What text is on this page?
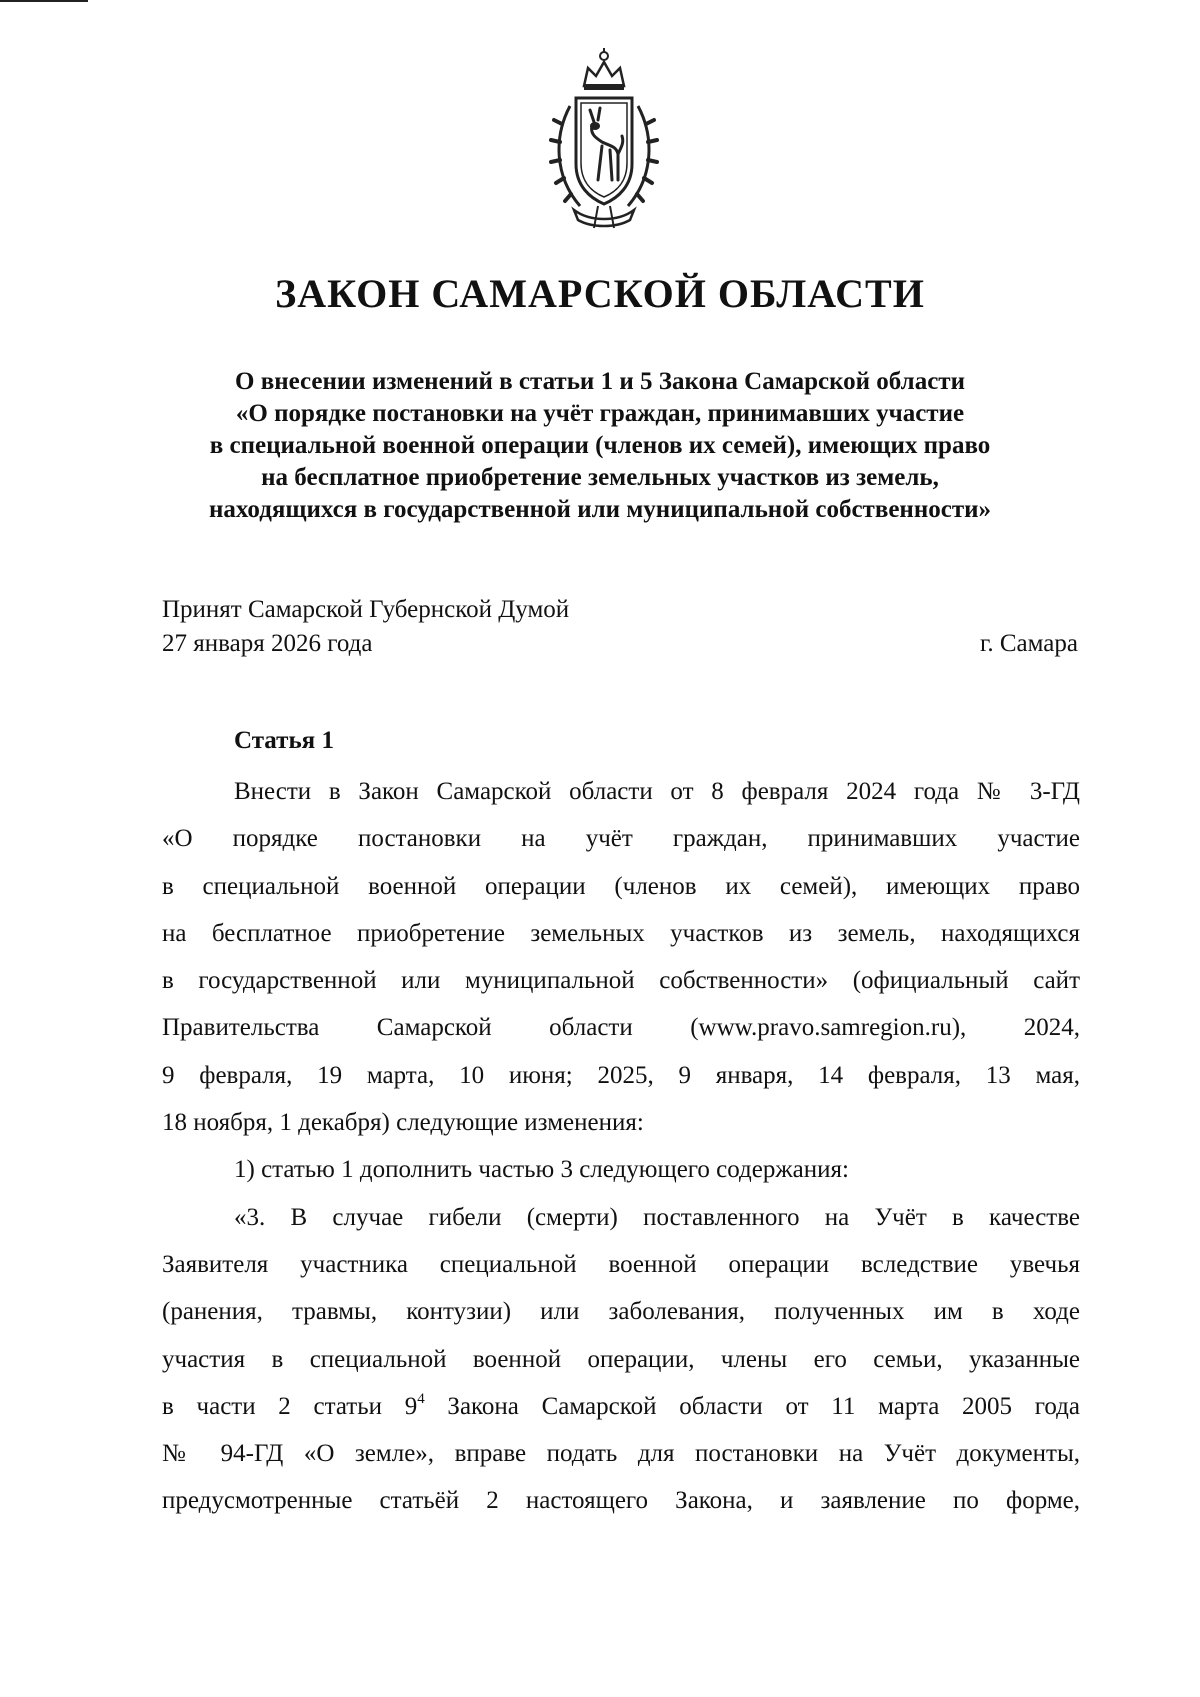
ЗАКОН САМАРСКОЙ ОБЛАСТИ
О внесении изменений в статьи 1 и 5 Закона Самарской области
«О порядке постановки на учёт граждан, принимавших участие
в специальной военной операции (членов их семей), имеющих право
на бесплатное приобретение земельных участков из земель,
находящихся в государственной или муниципальной собственности»
Принят Самарской Губернской Думой
27 января 2026 года	г. Самара
Статья 1
Внести в Закон Самарской области от 8 февраля 2024 года № 3-ГД
«О порядке постановки на учёт граждан, принимавших участие
в специальной военной операции (членов их семей), имеющих право
на бесплатное приобретение земельных участков из земель, находящихся
в государственной или муниципальной собственности» (официальный сайт
Правительства Самарской области (www.pravo.samregion.ru), 2024,
9 февраля, 19 марта, 10 июня; 2025, 9 января, 14 февраля, 13 мая,
18 ноября, 1 декабря) следующие изменения:
1) статью 1 дополнить частью 3 следующего содержания:
«3. В случае гибели (смерти) поставленного на Учёт в качестве
Заявителя участника специальной военной операции вследствие увечья
(ранения, травмы, контузии) или заболевания, полученных им в ходе
участия в специальной военной операции, члены его семьи, указанные
в части 2 статьи $9^4$ Закона Самарской области от 11 марта 2005 года
№ 94-ГД «О земле», вправе подать для постановки на Учёт документы,
предусмотренные статьёй 2 настоящего Закона, и заявление по форме,
